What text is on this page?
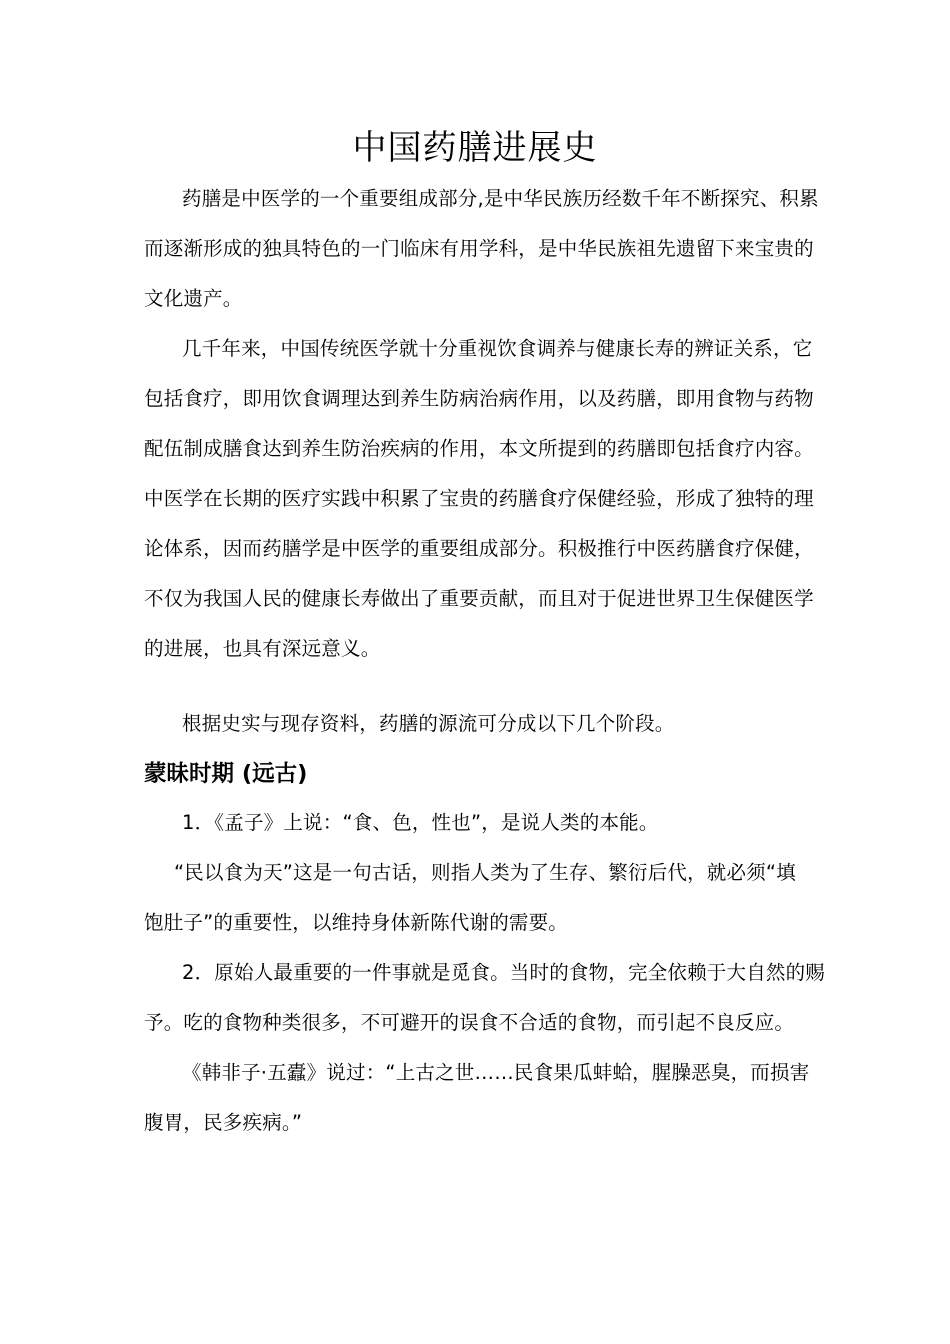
中国药膳进展史
药膳是中医学的一个重要组成部分,是中华民族历经数千年不断探究、积累
而逐渐形成的独具特色的一门临床有用学科，是中华民族祖先遗留下来宝贵的
文化遗产。
几千年来，中国传统医学就十分重视饮食调养与健康长寿的辨证关系，它
包括食疗，即用饮食调理达到养生防病治病作用，以及药膳，即用食物与药物
配伍制成膳食达到养生防治疾病的作用，本文所提到的药膳即包括食疗内容。
中医学在长期的医疗实践中积累了宝贵的药膳食疗保健经验，形成了独特的理
论体系，因而药膳学是中医学的重要组成部分。积极推行中医药膳食疗保健，
不仅为我国人民的健康长寿做出了重要贡献，而且对于促进世界卫生保健医学
的进展，也具有深远意义。
根据史实与现存资料，药膳的源流可分成以下几个阶段。
蒙昧时期 (远古)
1．《孟子》上说：“食、色，性也”，是说人类的本能。
“民以食为天”这是一句古话，则指人类为了生存、繁衍后代，就必须“填
饱肚子”的重要性，以维持身体新陈代谢的需要。
2．原始人最重要的一件事就是觅食。当时的食物，完全依赖于大自然的赐
予。吃的食物种类很多，不可避开的误食不合适的食物，而引起不良反应。
《韩非子·五蠹》说过：“上古之世……民食果瓜蚌蛤，腥臊恶臭，而损害
腹胃，民多疾病。”
